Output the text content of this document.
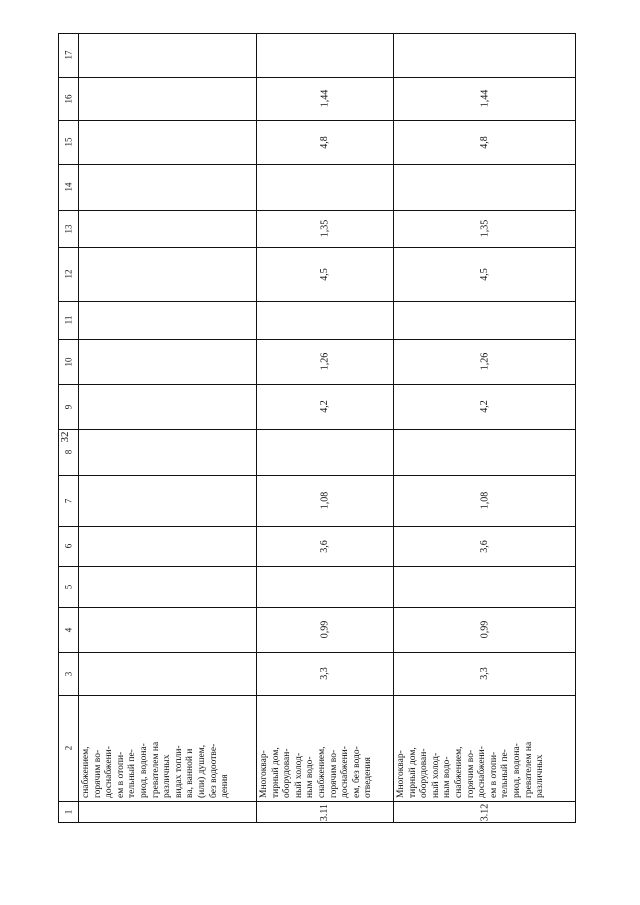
32
1
2
3
4
5
6
7
8
9
10
11
12
13
14
15
16
17
снабжением, горячим во- доснабжени- ем в отопи- тельный пе- риод, водона- гревателем на различных видах топли- ва, ванной и (или) душем, без водоотве- дения
3.11
Многоквар- тирный дом, оборудован- ный холод- ным водо- снабжением, горячим во- доснабжени- ем, без водо- отведения
3,3
0,99
3,6
1,08
4,2
1,26
4,5
1,35
4,8
1,44
3.12
Многоквар- тирный дом, оборудован- ный холод- ным водо- снабжением, горячим во- доснабжени- ем в отопи- тельный пе- риод, водона- гревателем на различных
3,3
0,99
3,6
1,08
4,2
1,26
4,5
1,35
4,8
1,44
